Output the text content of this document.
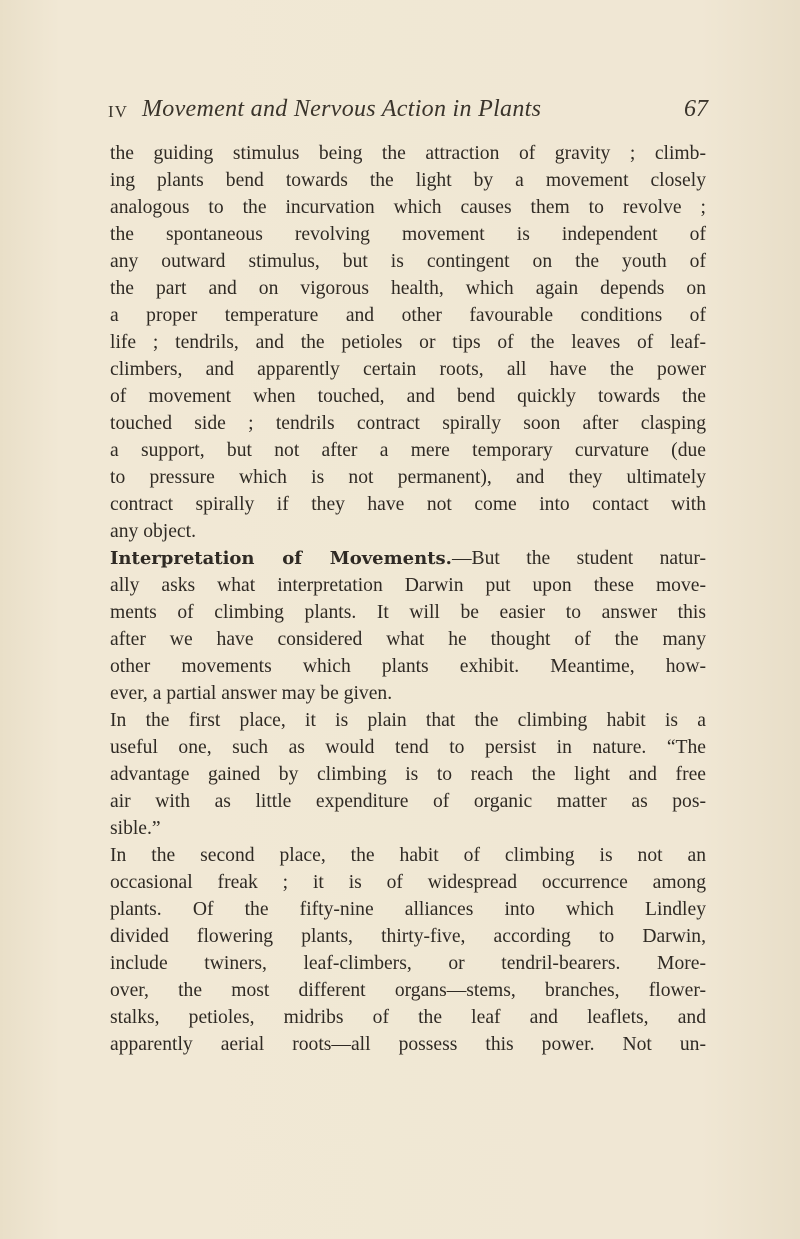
IV Movement and Nervous Action in Plants	67
the guiding stimulus being the attraction of gravity ; climb-
ing plants bend towards the light by a movement closely
analogous to the incurvation which causes them to revolve ;
the spontaneous revolving movement is independent of
any outward stimulus, but is contingent on the youth of
the part and on vigorous health, which again depends on
a proper temperature and other favourable conditions of
life ; tendrils, and the petioles or tips of the leaves of leaf-
climbers, and apparently certain roots, all have the power
of movement when touched, and bend quickly towards the
touched side ; tendrils contract spirally soon after clasping
a support, but not after a mere temporary curvature (due
to pressure which is not permanent), and they ultimately
contract spirally if they have not come into contact with
any object.
Interpretation of Movements.—But the student natur-
ally asks what interpretation Darwin put upon these move-
ments of climbing plants. It will be easier to answer this
after we have considered what he thought of the many
other movements which plants exhibit. Meantime, how-
ever, a partial answer may be given.
In the first place, it is plain that the climbing habit is a
useful one, such as would tend to persist in nature. “The
advantage gained by climbing is to reach the light and free
air with as little expenditure of organic matter as pos-
sible.”
In the second place, the habit of climbing is not an
occasional freak ; it is of widespread occurrence among
plants. Of the fifty-nine alliances into which Lindley
divided flowering plants, thirty-five, according to Darwin,
include twiners, leaf-climbers, or tendril-bearers. More-
over, the most different organs—stems, branches, flower-
stalks, petioles, midribs of the leaf and leaflets, and
apparently aerial roots—all possess this power. Not un-
